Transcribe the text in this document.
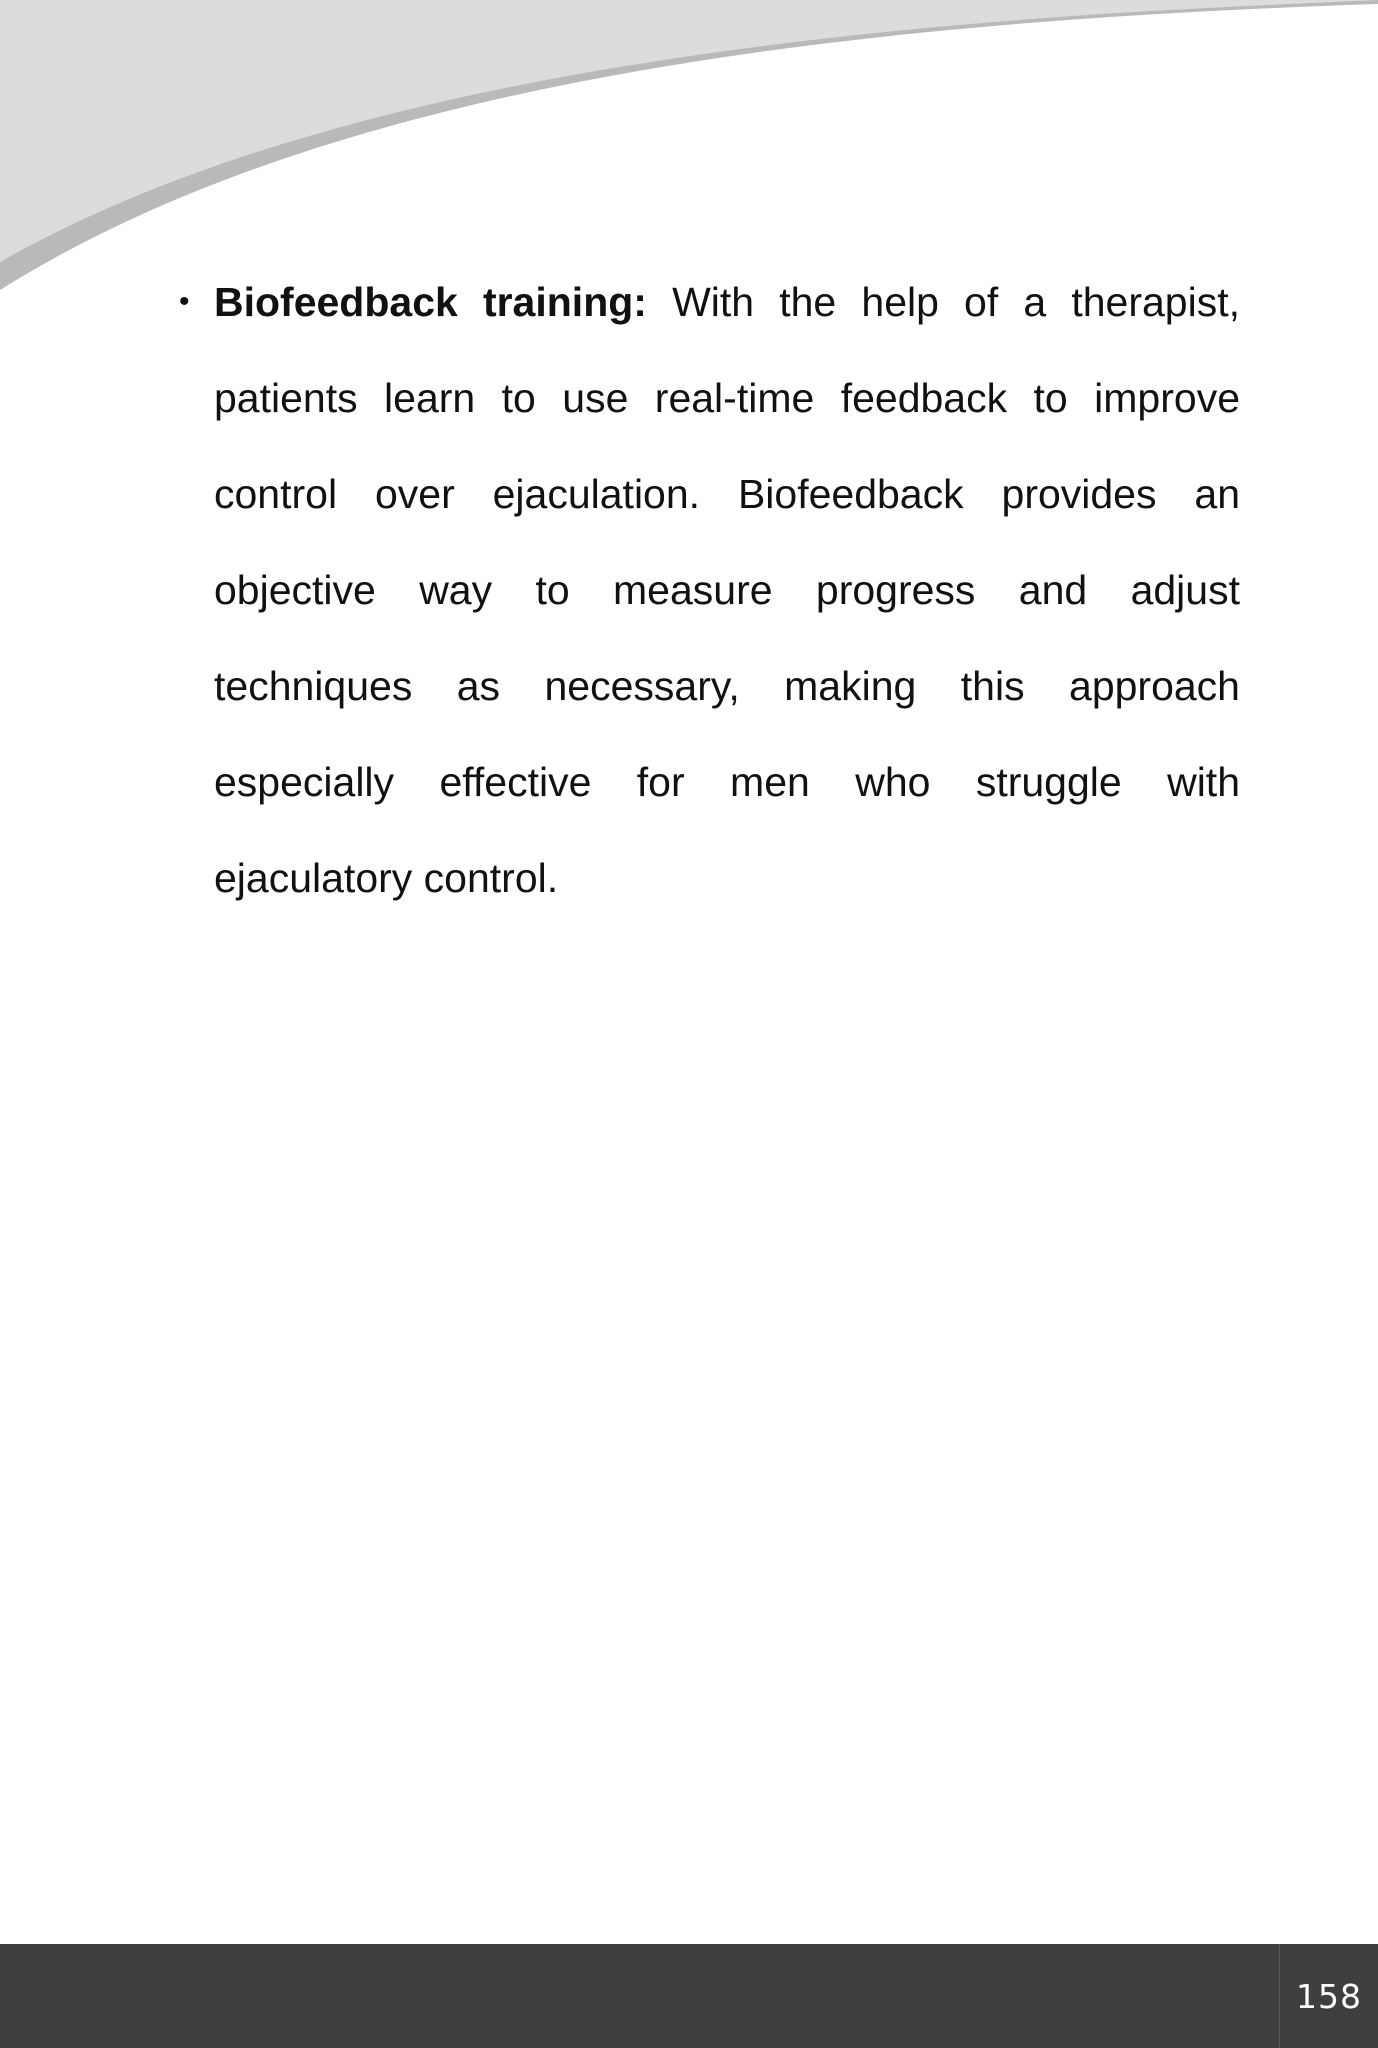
• Biofeedback training: With the help of a therapist, patients learn to use real-time feedback to improve control over ejaculation. Biofeedback provides an objective way to measure progress and adjust techniques as necessary, making this approach especially effective for men who struggle with ejaculatory control.
158
